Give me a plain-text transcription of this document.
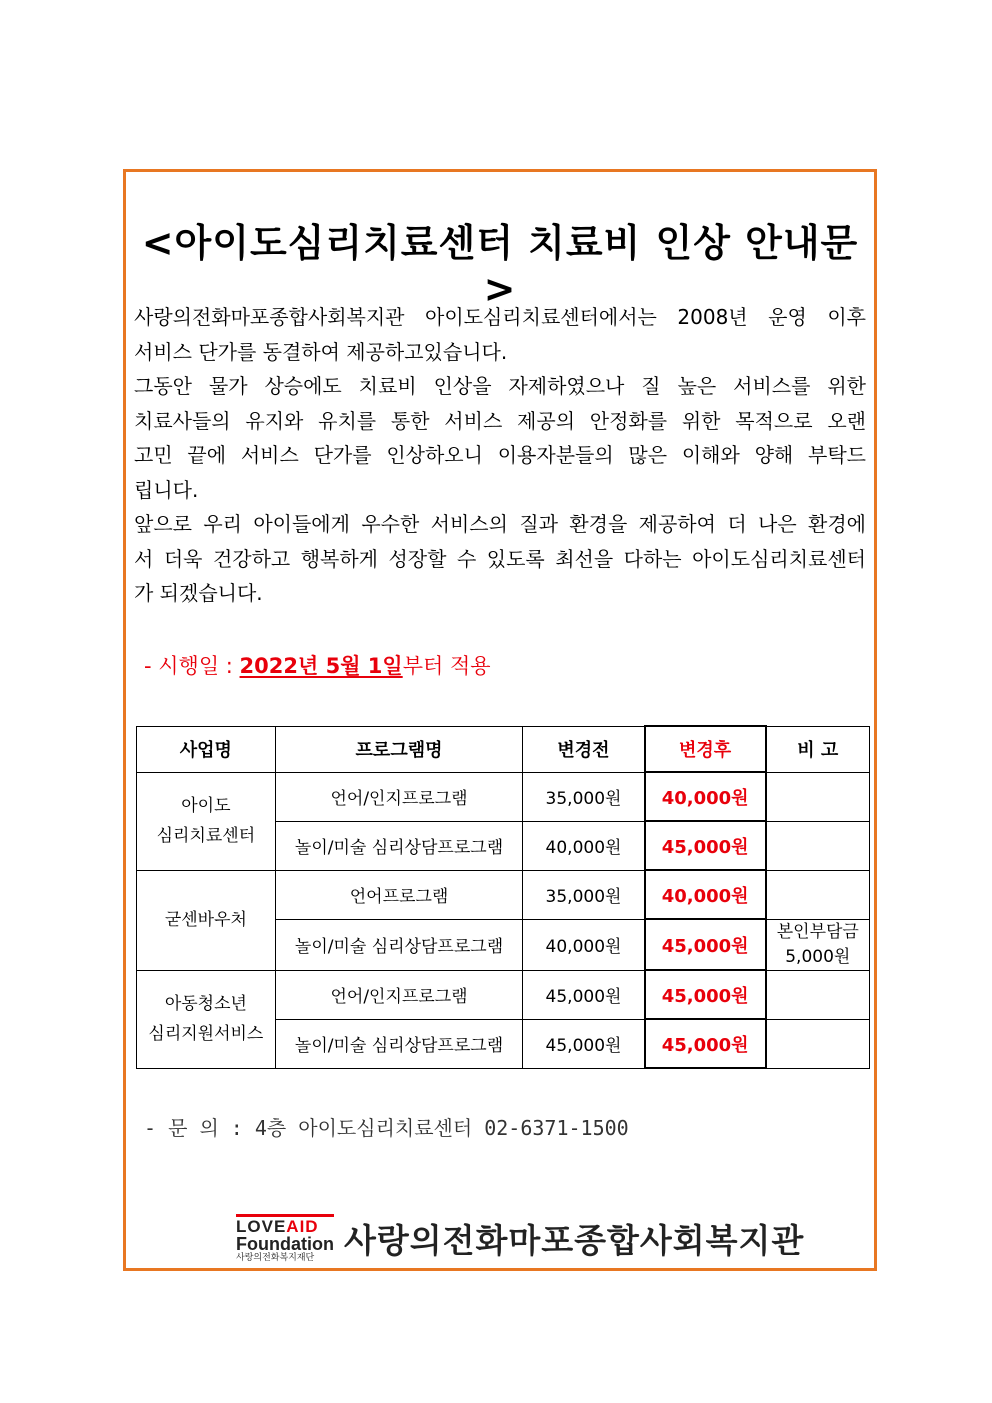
<아이도심리치료센터 치료비 인상 안내문>

사랑의전화마포종합사회복지관 아이도심리치료센터에서는 2008년 운영 이후

서비스 단가를 동결하여 제공하고있습니다.

그동안 물가 상승에도 치료비 인상을 자제하였으나 질 높은 서비스를 위한

치료사들의 유지와 유치를 통한 서비스 제공의 안정화를 위한 목적으로 오랜

고민 끝에 서비스 단가를 인상하오니 이용자분들의 많은 이해와 양해 부탁드

립니다.

앞으로 우리 아이들에게 우수한 서비스의 질과 환경을 제공하여 더 나은 환경에

서 더욱 건강하고 행복하게 성장할 수 있도록 최선을 다하는 아이도심리치료센터

가 되겠습니다.

- 시행일 : 2022년 5월 1일부터 적용
사업명	프로그램명	변경전	변경후	비 고

아이도
심리치료센터	언어/인지프로그램	35,000원	40,000원	
	놀이/미술 심리상담프로그램	40,000원	45,000원	

굳센바우처	언어프로그램	35,000원	40,000원	
	놀이/미술 심리상담프로그램	40,000원	45,000원	본인부담금
5,000원

아동청소년
심리지원서비스	언어/인지프로그램	45,000원	45,000원	
	놀이/미술 심리상담프로그램	45,000원	45,000원	
- 문 의 : 4층 아이도심리치료센터 02-6371-1500
LOVEAID
Foundation
사랑의전화복지재단 사랑의전화마포종합사회복지관
